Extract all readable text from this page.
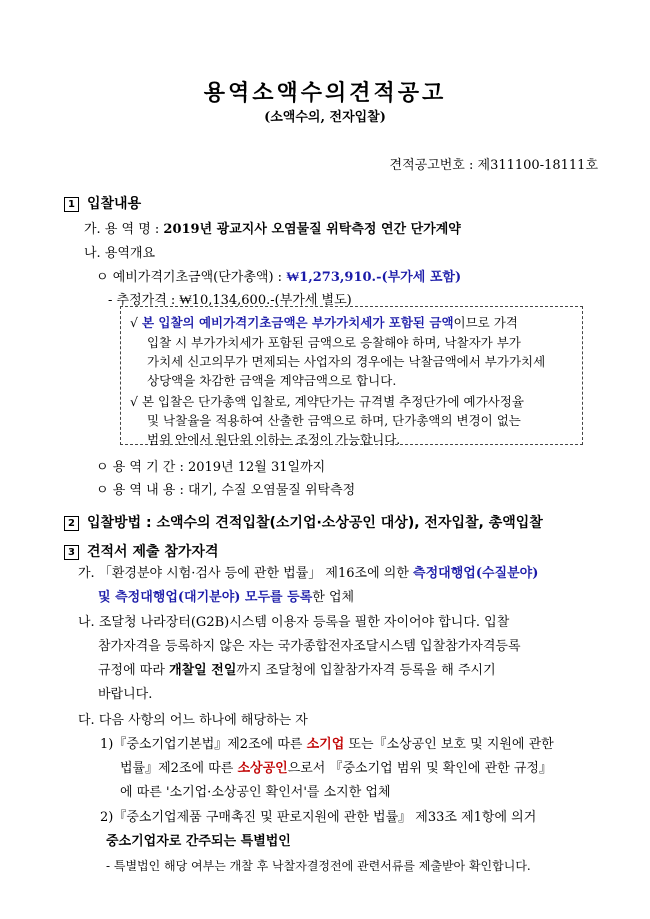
용역소액수의견적공고
(소액수의, 전자입찰)
견적공고번호 : 제311100-18111호
1 입찰내용
가. 용 역 명 : 2019년 광교지사 오염물질 위탁측정 연간 단가계약
나. 용역개요
ㅇ 예비가격기초금액(단가총액) : ₩1,273,910.-(부가세 포함)
- 추정가격 : ₩10,134,600.-(부가세 별도)
√ 본 입찰의 예비가격기초금액은 부가가치세가 포함된 금액이므로 가격
입찰 시 부가가치세가 포함된 금액으로 응찰해야 하며, 낙찰자가 부가
가치세 신고의무가 면제되는 사업자의 경우에는 낙찰금액에서 부가가치세
상당액을 차감한 금액을 계약금액으로 합니다.
√ 본 입찰은 단가총액 입찰로, 계약단가는 규격별 추정단가에 예가사정율
및 낙찰율을 적용하여 산출한 금액으로 하며, 단가총액의 변경이 없는
범위 안에서 원단위 이하는 조정이 가능합니다.
ㅇ 용 역 기 간 : 2019년 12월 31일까지
ㅇ 용 역 내 용 : 대기, 수질 오염물질 위탁측정
2 입찰방법 : 소액수의 견적입찰(소기업·소상공인 대상), 전자입찰, 총액입찰
3 견적서 제출 참가자격
가. 「환경분야 시험·검사 등에 관한 법률」 제16조에 의한 측정대행업(수질분야)
및 측정대행업(대기분야) 모두를 등록한 업체
나. 조달청 나라장터(G2B)시스템 이용자 등록을 필한 자이어야 합니다. 입찰
참가자격을 등록하지 않은 자는 국가종합전자조달시스템 입찰참가자격등록
규정에 따라 개찰일 전일까지 조달청에 입찰참가자격 등록을 해 주시기
바랍니다.
다. 다음 사항의 어느 하나에 해당하는 자
1)『중소기업기본법』제2조에 따른 소기업 또는『소상공인 보호 및 지원에 관한
법률』제2조에 따른 소상공인으로서 『중소기업 범위 및 확인에 관한 규정』
에 따른 '소기업·소상공인 확인서'를 소지한 업체
2)『중소기업제품 구매촉진 및 판로지원에 관한 법률』 제33조 제1항에 의거
중소기업자로 간주되는 특별법인
- 특별법인 해당 여부는 개찰 후 낙찰자결정전에 관련서류를 제출받아 확인합니다.
